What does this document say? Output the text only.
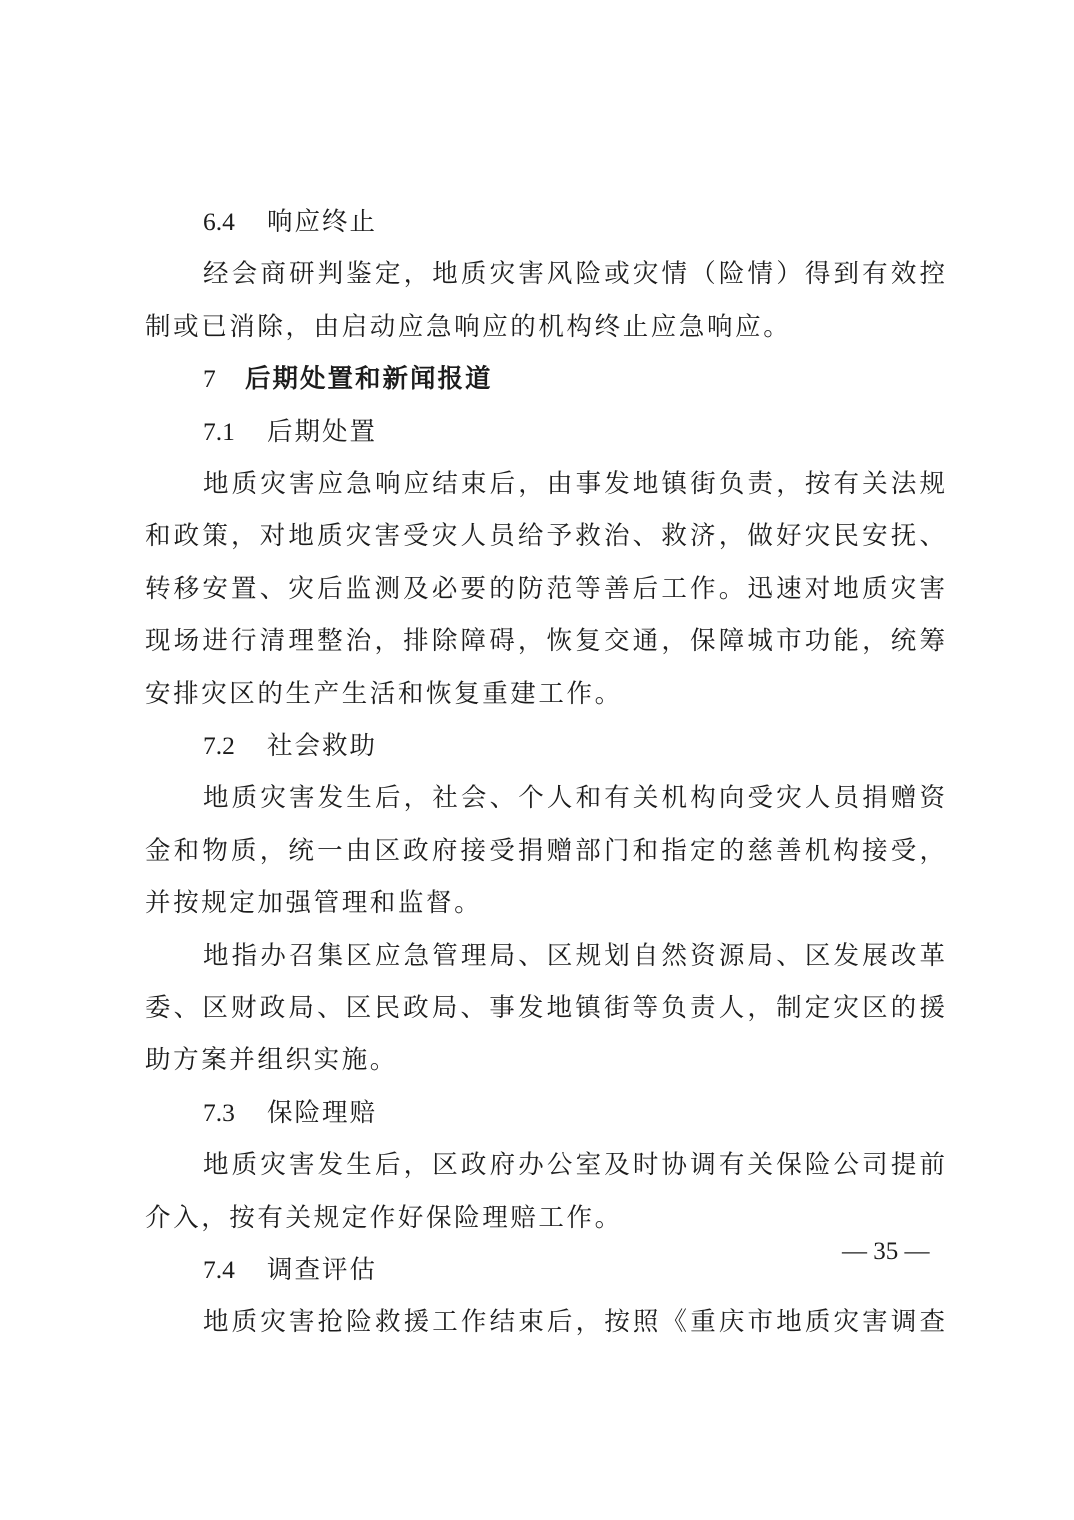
6.4 响应终止
经会商研判鉴定，地质灾害风险或灾情（险情）得到有效控
制或已消除，由启动应急响应的机构终止应急响应。
7 后期处置和新闻报道
7.1 后期处置
地质灾害应急响应结束后，由事发地镇街负责，按有关法规
和政策，对地质灾害受灾人员给予救治、救济，做好灾民安抚、
转移安置、灾后监测及必要的防范等善后工作。迅速对地质灾害
现场进行清理整治，排除障碍，恢复交通，保障城市功能，统筹
安排灾区的生产生活和恢复重建工作。
7.2 社会救助
地质灾害发生后，社会、个人和有关机构向受灾人员捐赠资
金和物质，统一由区政府接受捐赠部门和指定的慈善机构接受，
并按规定加强管理和监督。
地指办召集区应急管理局、区规划自然资源局、区发展改革
委、区财政局、区民政局、事发地镇街等负责人，制定灾区的援
助方案并组织实施。
7.3 保险理赔
地质灾害发生后，区政府办公室及时协调有关保险公司提前
介入，按有关规定作好保险理赔工作。
7.4 调查评估
地质灾害抢险救援工作结束后，按照《重庆市地质灾害调查
— 35 —
